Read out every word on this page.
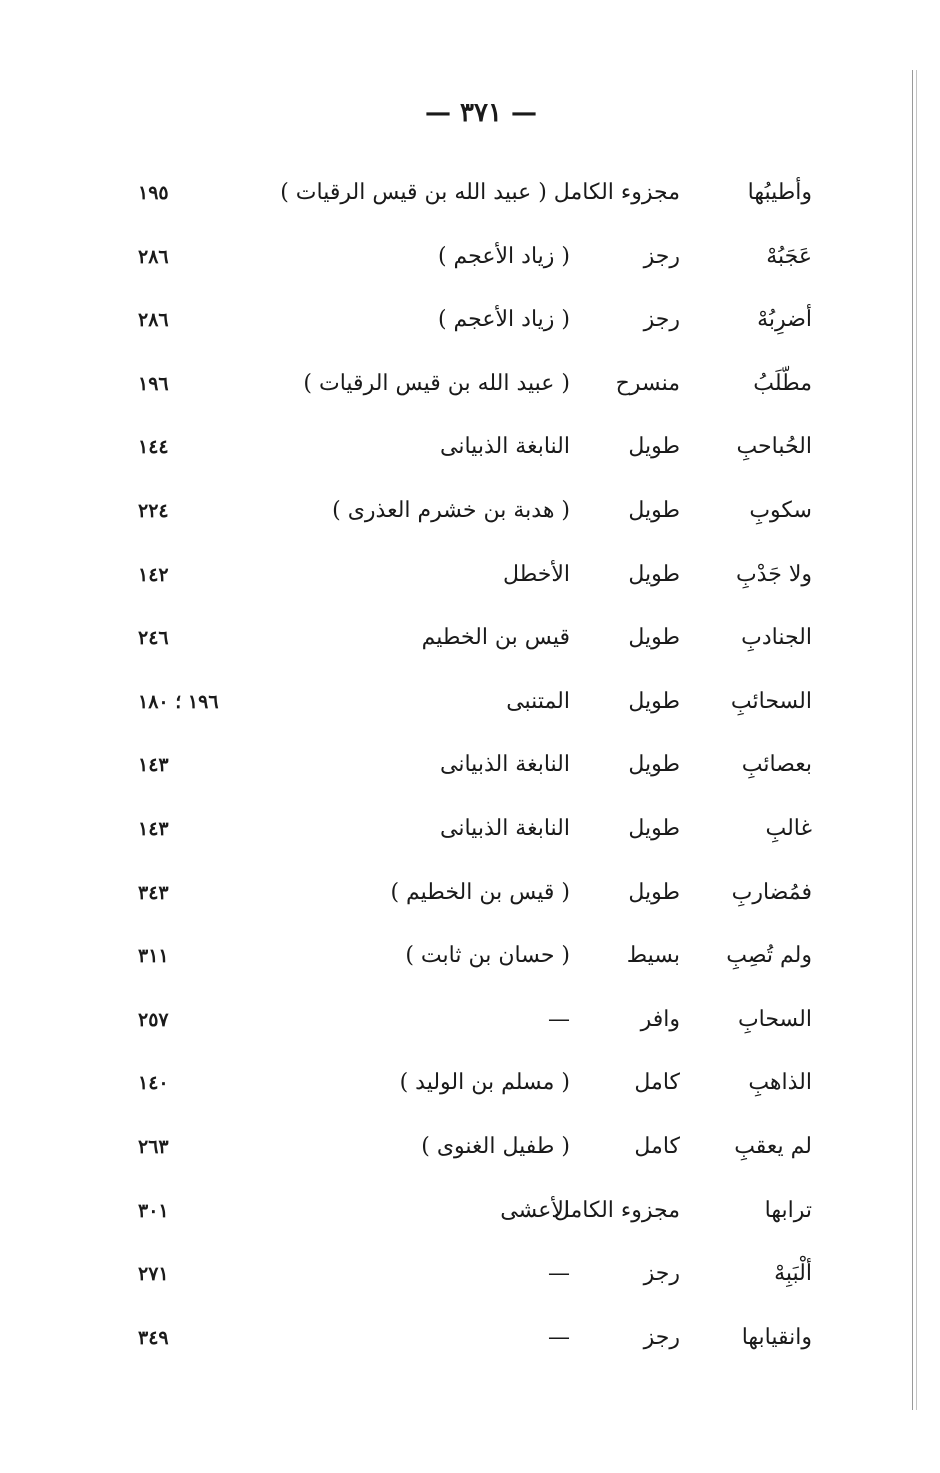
— ٣٧١ —
وأطيبُها
مجزوء الكامل ( عبيد الله بن قيس الرقيات )
١٩٥
عَجَبُهْ
رجز
( زياد الأعجم )
٢٨٦
أضرِبُهْ
رجز
( زياد الأعجم )
٢٨٦
مطّلَبُ
منسرح
( عبيد الله بن قيس الرقيات )
١٩٦
الحُباحبِ
طويل
النابغة الذبيانى
١٤٤
سكوبِ
طويل
( هدبة بن خشرم العذرى )
٢٢٤
ولا جَدْبِ
طويل
الأخطل
١٤٢
الجنادبِ
طويل
قيس بن الخطيم
٢٤٦
السحائبِ
طويل
المتنبى
١٩٦ ؛ ١٨٠
بعصائبِ
طويل
النابغة الذبيانى
١٤٣
غالبِ
طويل
النابغة الذبيانى
١٤٣
فمُضاربِ
طويل
( قيس بن الخطيم )
٣٤٣
ولم تُصِبِ
بسيط
( حسان بن ثابت )
٣١١
السحابِ
وافر
—
٢٥٧
الذاهبِ
كامل
( مسلم بن الوليد )
١٤٠
لم يعقبِ
كامل
( طفيل الغنوى )
٢٦٣
ترابها
مجزوء الكامل
الأعشى
٣٠١
ألْبَبِهْ
رجز
—
٢٧١
وانقيابها
رجز
—
٣٤٩
